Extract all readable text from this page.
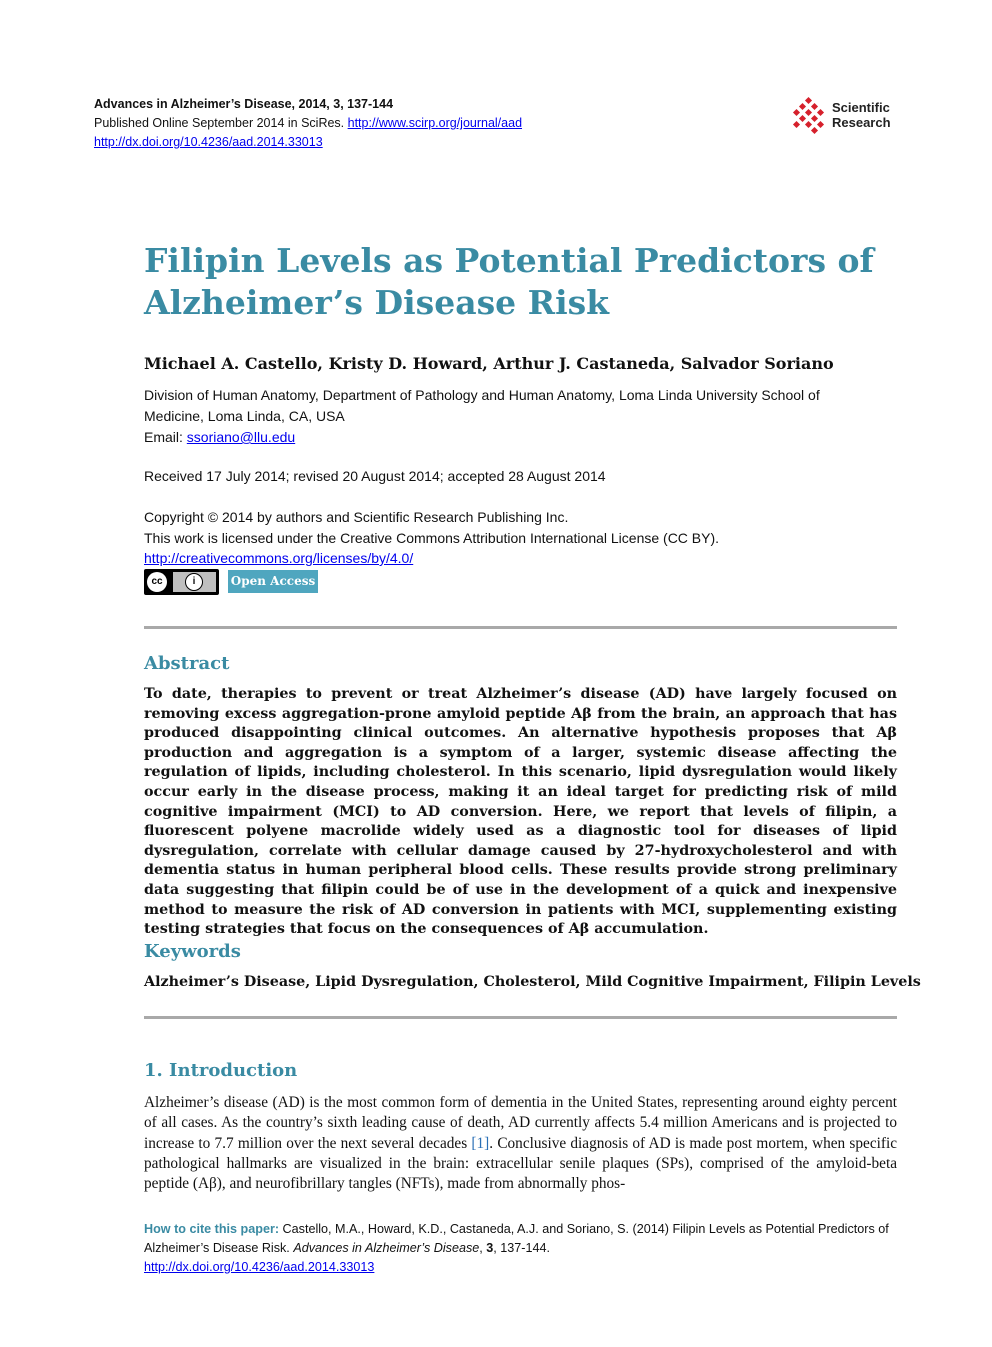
Advances in Alzheimer’s Disease, 2014, 3, 137-144
Published Online September 2014 in SciRes. http://www.scirp.org/journal/aad
http://dx.doi.org/10.4236/aad.2014.33013
Scientific
Research
Filipin Levels as Potential Predictors of
Alzheimer’s Disease Risk
Michael A. Castello, Kristy D. Howard, Arthur J. Castaneda, Salvador Soriano
Division of Human Anatomy, Department of Pathology and Human Anatomy, Loma Linda University School of
Medicine, Loma Linda, CA, USA
Email: ssoriano@llu.edu
Received 17 July 2014; revised 20 August 2014; accepted 28 August 2014
Copyright © 2014 by authors and Scientific Research Publishing Inc.
This work is licensed under the Creative Commons Attribution International License (CC BY).
http://creativecommons.org/licenses/by/4.0/
cc	i	Open Access
Abstract

To date, therapies to prevent or treat Alzheimer’s disease (AD) have largely focused on removing excess aggregation-prone amyloid peptide Aβ from the brain, an approach that has produced disappointing clinical outcomes. An alternative hypothesis proposes that Aβ production and aggregation is a symptom of a larger, systemic disease affecting the regulation of lipids, including cholesterol. In this scenario, lipid dysregulation would likely occur early in the disease process, making it an ideal target for predicting risk of mild cognitive impairment (MCI) to AD conversion. Here, we report that levels of filipin, a fluorescent polyene macrolide widely used as a diagnostic tool for diseases of lipid dysregulation, correlate with cellular damage caused by 27-hydroxycholesterol and with dementia status in human peripheral blood cells. These results provide strong preliminary data suggesting that filipin could be of use in the development of a quick and inexpensive method to measure the risk of AD conversion in patients with MCI, supplementing existing testing strategies that focus on the consequences of Aβ accumulation.

Keywords
Alzheimer’s Disease, Lipid Dysregulation, Cholesterol, Mild Cognitive Impairment, Filipin Levels
1. Introduction

Alzheimer’s disease (AD) is the most common form of dementia in the United States, representing around eighty percent of all cases. As the country’s sixth leading cause of death, AD currently affects 5.4 million Americans and is projected to increase to 7.7 million over the next several decades [1]. Conclusive diagnosis of AD is made post mortem, when specific pathological hallmarks are visualized in the brain: extracellular senile plaques (SPs), comprised of the amyloid-beta peptide (Aβ), and neurofibrillary tangles (NFTs), made from abnormally phos-

How to cite this paper: Castello, M.A., Howard, K.D., Castaneda, A.J. and Soriano, S. (2014) Filipin Levels as Potential Predictors of Alzheimer’s Disease Risk. Advances in Alzheimer’s Disease, 3, 137-144.
http://dx.doi.org/10.4236/aad.2014.33013
